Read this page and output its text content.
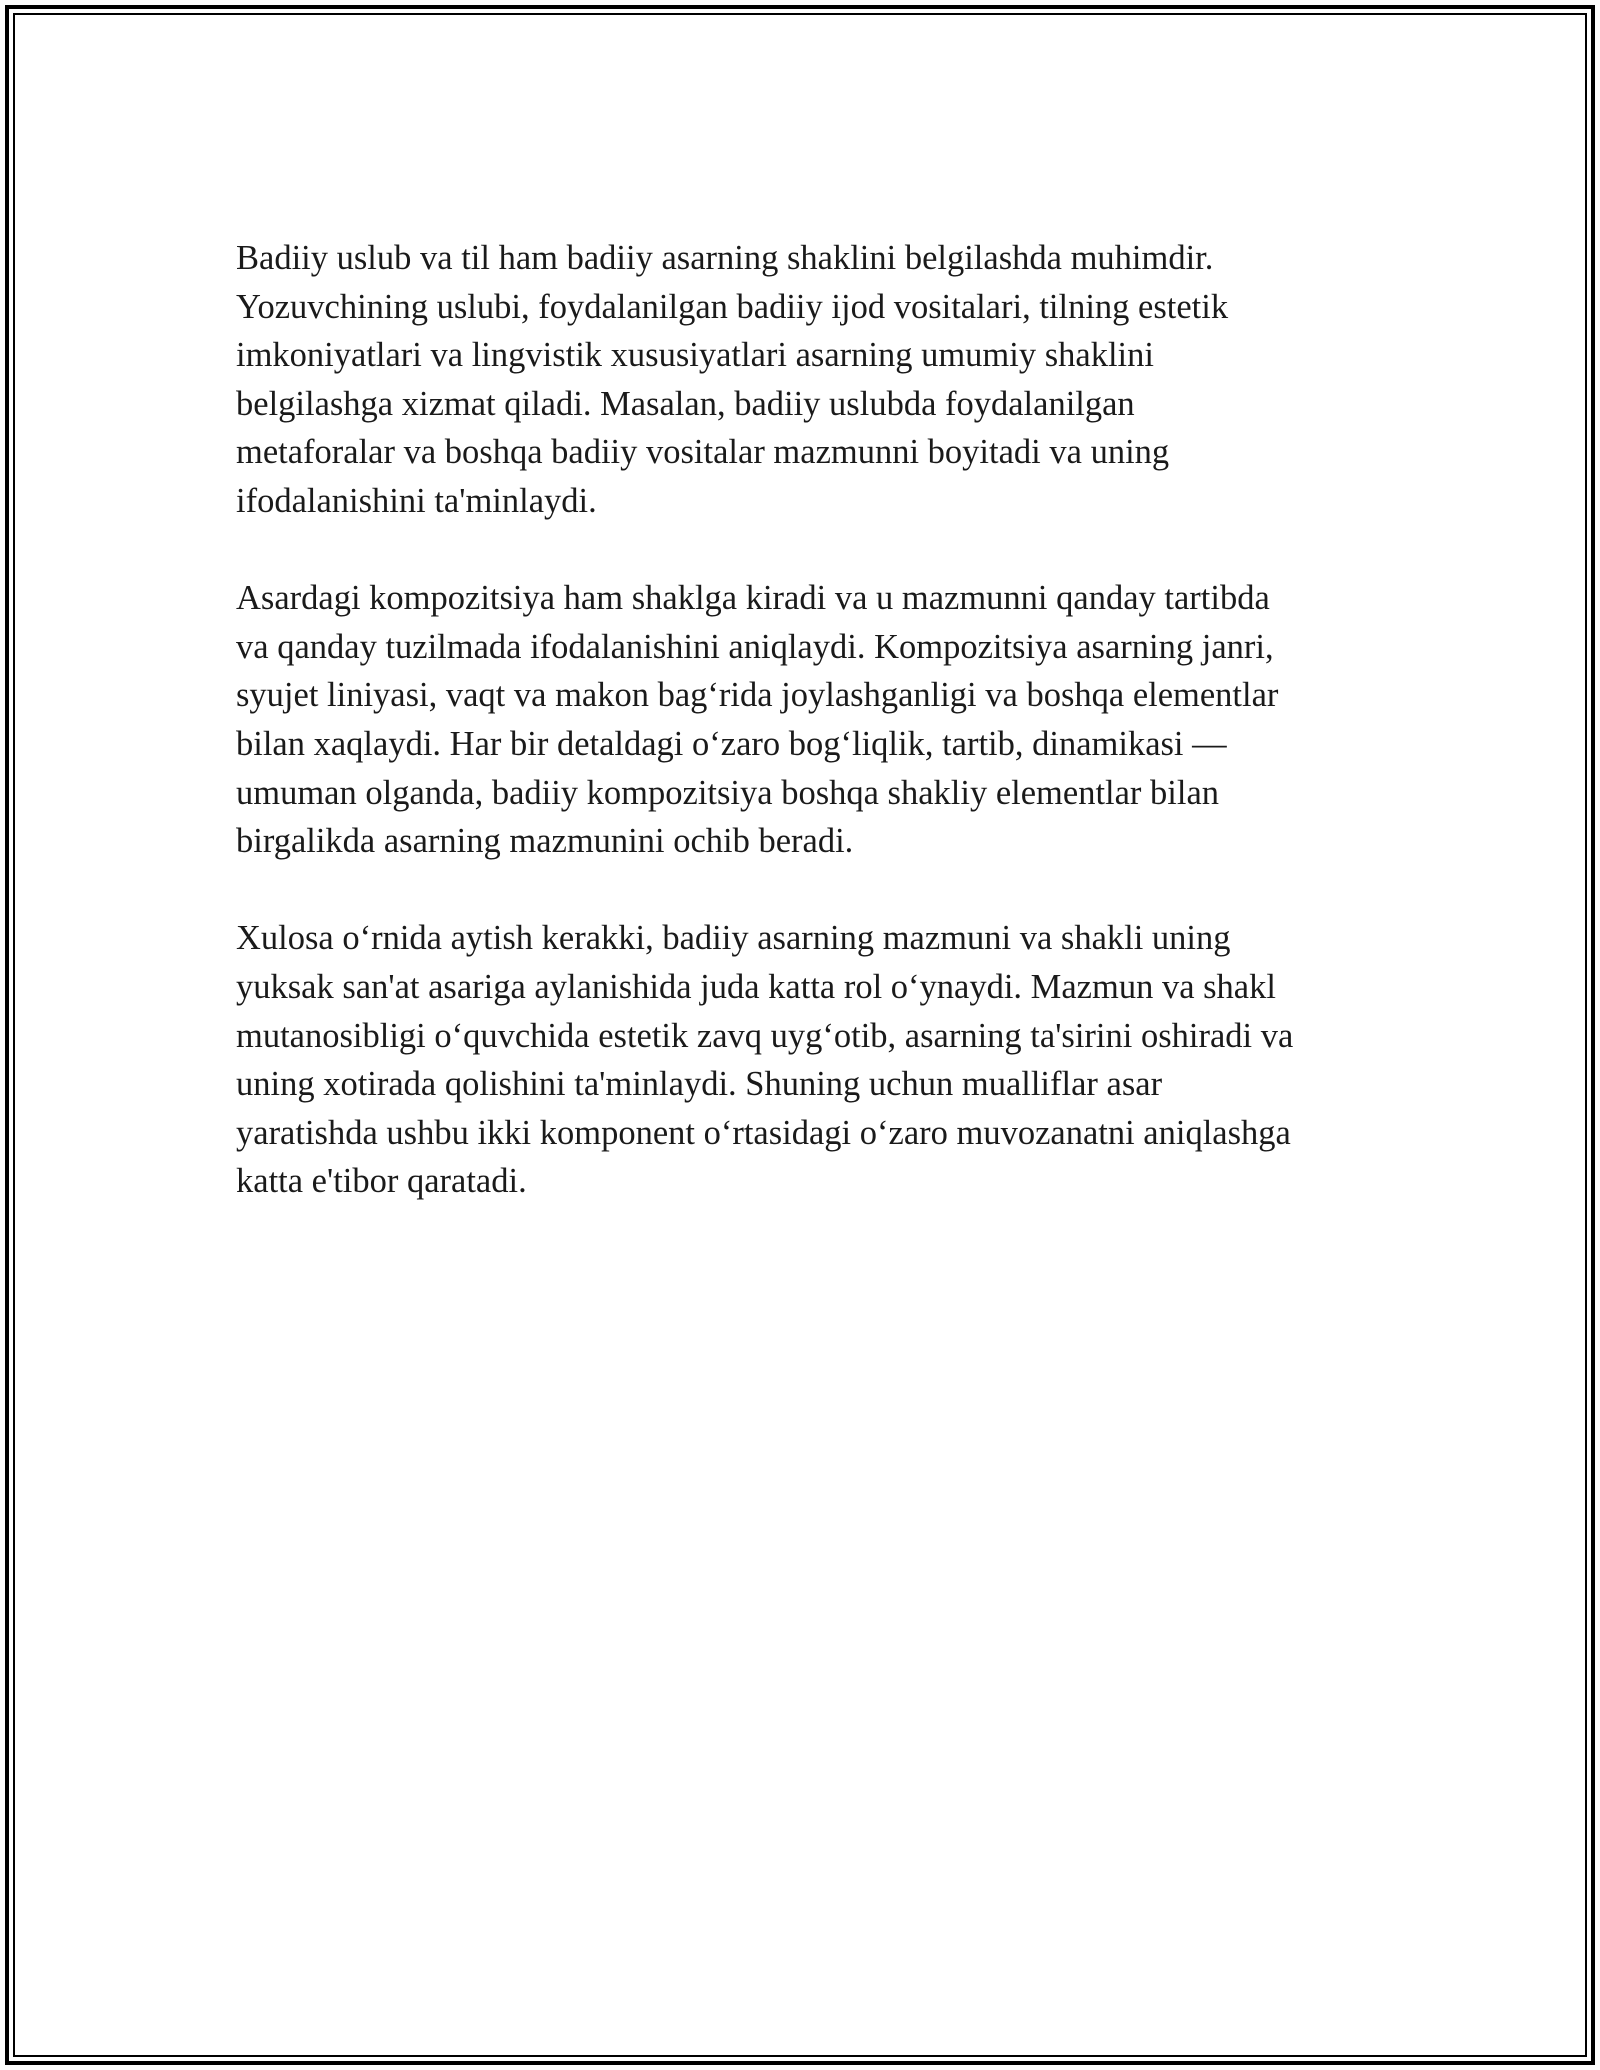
Badiiy uslub va til ham badiiy asarning shaklini belgilashda muhimdir.
Yozuvchining uslubi, foydalanilgan badiiy ijod vositalari, tilning estetik
imkoniyatlari va lingvistik xususiyatlari asarning umumiy shaklini
belgilashga xizmat qiladi. Masalan, badiiy uslubda foydalanilgan
metaforalar va boshqa badiiy vositalar mazmunni boyitadi va uning
ifodalanishini ta'minlaydi.

Asardagi kompozitsiya ham shaklga kiradi va u mazmunni qanday tartibda
va qanday tuzilmada ifodalanishini aniqlaydi. Kompozitsiya asarning janri,
syujet liniyasi, vaqt va makon bag‘rida joylashganligi va boshqa elementlar
bilan xaqlaydi. Har bir detaldagi o‘zaro bog‘liqlik, tartib, dinamikasi —
umuman olganda, badiiy kompozitsiya boshqa shakliy elementlar bilan
birgalikda asarning mazmunini ochib beradi.

Xulosa o‘rnida aytish kerakki, badiiy asarning mazmuni va shakli uning
yuksak san'at asariga aylanishida juda katta rol o‘ynaydi. Mazmun va shakl
mutanosibligi o‘quvchida estetik zavq uyg‘otib, asarning ta'sirini oshiradi va
uning xotirada qolishini ta'minlaydi. Shuning uchun mualliflar asar
yaratishda ushbu ikki komponent o‘rtasidagi o‘zaro muvozanatni aniqlashga
katta e'tibor qaratadi.
